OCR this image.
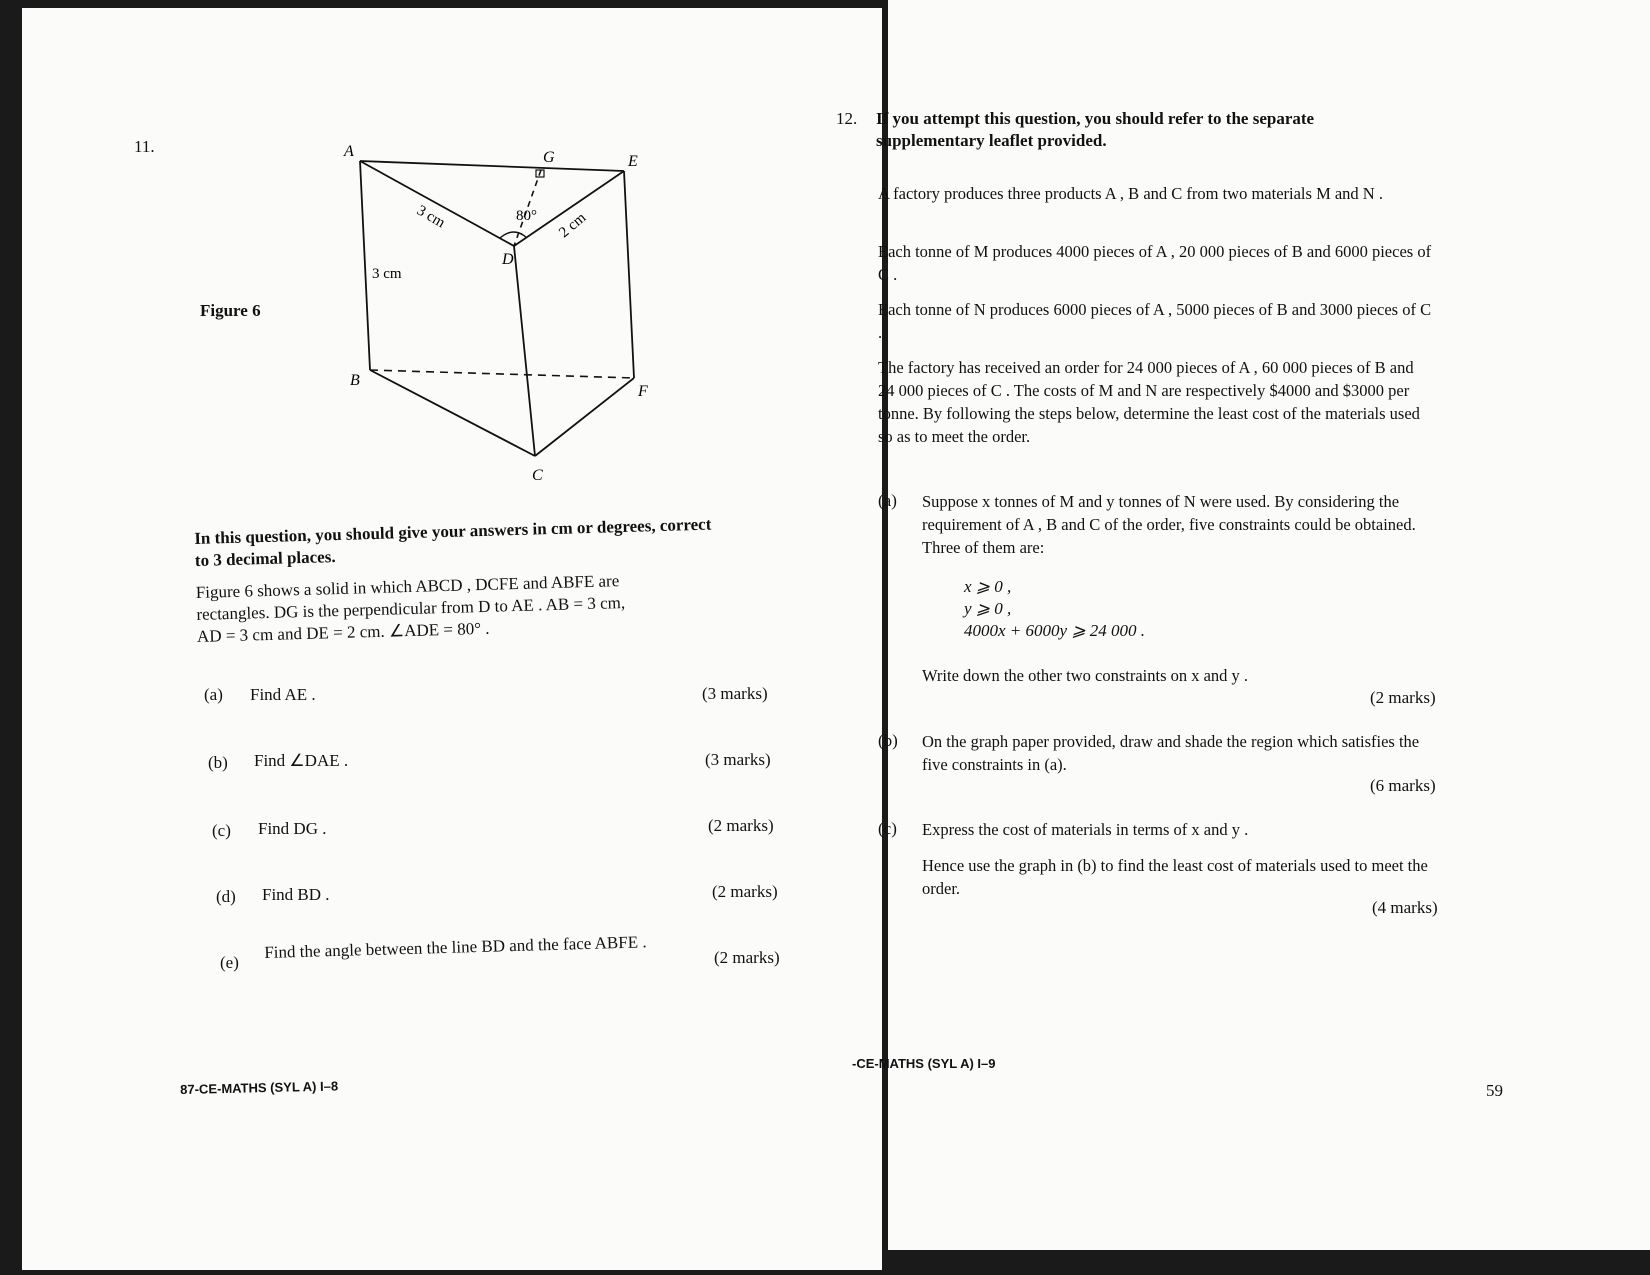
11.	A	G	E
D
B
F
C
3 cm	2 cm
3 cm
80°
Figure 6
In this question, you should give your answers in cm or degrees, correct
to 3 decimal places.
Figure 6 shows a solid in which ABCD , DCFE and ABFE are
rectangles. DG is the perpendicular from D to AE . AB = 3 cm,
AD = 3 cm and DE = 2 cm. ∠ADE = 80° .
(a) Find AE .	(3 marks)
(b) Find ∠DAE .	(3 marks)
(c) Find DG .	(2 marks)
(d) Find BD .	(2 marks)
(e)
Find the angle between the line BD and the face ABFE .	(2 marks)
87-CE-MATHS (SYL A) I–8
12. If you attempt this question, you should refer to the separate
supplementary leaflet provided.
A factory produces three products A , B and C from two materials M and N .
Each tonne of M produces 4000 pieces of A , 20 000 pieces of B and 6000 pieces of C .
Each tonne of N produces 6000 pieces of A , 5000 pieces of B and 3000 pieces of C .
The factory has received an order for 24 000 pieces of A , 60 000 pieces of B and 24 000 pieces of C . The costs of M and N are respectively $4000 and $3000 per tonne. By following the steps below, determine the least cost of the materials used so as to meet the order.
(a) Suppose x tonnes of M and y tonnes of N were used. By considering the requirement of A , B and C of the order, five constraints could be obtained. Three of them are:
x ⩾ 0 ,
y ⩾ 0 ,
4000x + 6000y ⩾ 24 000 .
Write down the other two constraints on x and y .
(2 marks)
(b) On the graph paper provided, draw and shade the region which satisfies the five constraints in (a).
(6 marks)
(c) Express the cost of materials in terms of x and y .
Hence use the graph in (b) to find the least cost of materials used to meet the order.
(4 marks)
-CE-MATHS (SYL A) I–9
59
